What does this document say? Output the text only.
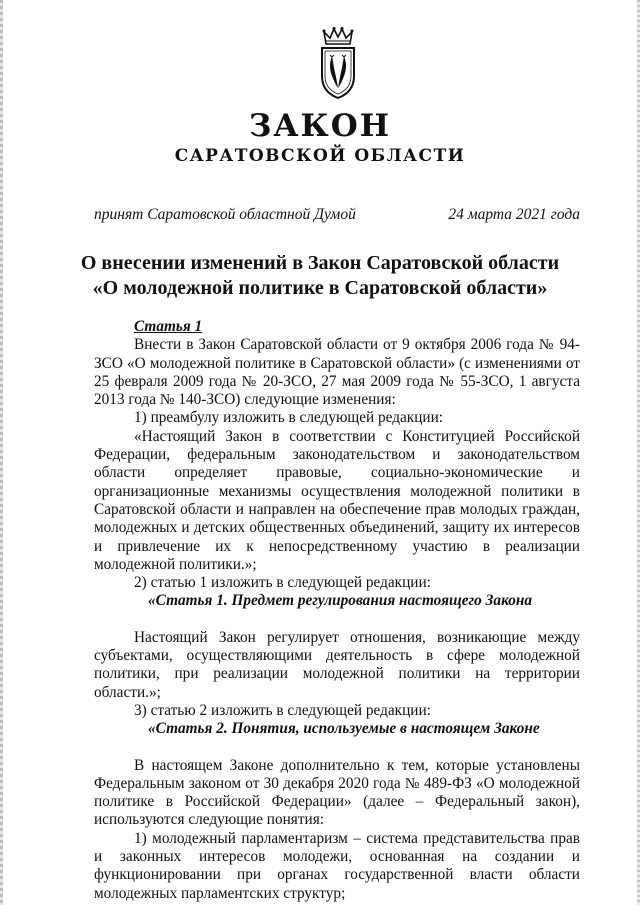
ЗАКОН
САРАТОВСКОЙ ОБЛАСТИ
принят Саратовской областной Думой	24 марта 2021 года
О внесении изменений в Закон Саратовской области
«О молодежной политике в Саратовской области»

Статья 1

Внести в Закон Саратовской области от 9 октября 2006 года № 94-ЗСО «О молодежной политике в Саратовской области» (с изменениями от 25 февраля 2009 года № 20-ЗСО, 27 мая 2009 года № 55-ЗСО, 1 августа 2013 года № 140-ЗСО) следующие изменения:

1) преамбулу изложить в следующей редакции:

«Настоящий Закон в соответствии с Конституцией Российской Федерации, федеральным законодательством и законодательством области определяет правовые, социально-экономические и организационные механизмы осуществления молодежной политики в Саратовской области и направлен на обеспечение прав молодых граждан, молодежных и детских общественных объединений, защиту их интересов и привлечение их к непосредственному участию в реализации молодежной политики.»;

2) статью 1 изложить в следующей редакции:

«Статья 1. Предмет регулирования настоящего Закона

Настоящий Закон регулирует отношения, возникающие между субъектами, осуществляющими деятельность в сфере молодежной политики, при реализации молодежной политики на территории области.»;

3) статью 2 изложить в следующей редакции:

«Статья 2. Понятия, используемые в настоящем Законе

В настоящем Законе дополнительно к тем, которые установлены Федеральным законом от 30 декабря 2020 года № 489-ФЗ «О молодежной политике в Российской Федерации» (далее – Федеральный закон), используются следующие понятия:

1) молодежный парламентаризм – система представительства прав и законных интересов молодежи, основанная на создании и функционировании при органах государственной власти области молодежных парламентских структур;
